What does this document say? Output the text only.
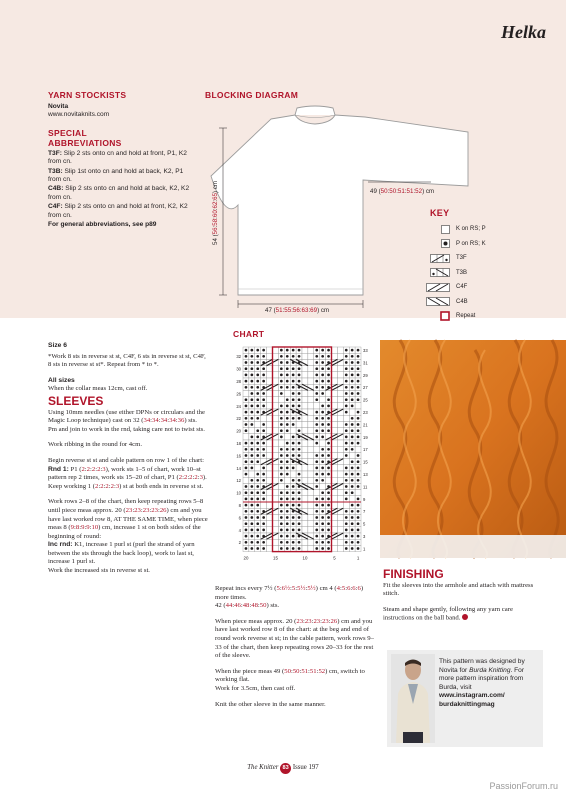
Helka
YARN STOCKISTS
Novita
www.novitaknits.com
SPECIAL
ABBREVIATIONS

T3F: Slip 2 sts onto cn and hold at front, P1, K2 from cn.

T3B: Slip 1st onto cn and hold at back, K2, P1 from cn.

C4B: Slip 2 sts onto cn and hold at back, K2, K2 from cn.

C4F: Slip 2 sts onto cn and hold at front, K2, K2 from cn.

For general abbreviations, see p89

BLOCKING DIAGRAM
49 (50:50:51:51:52) cm
54 (56:58:60:62:65) cm
47 (51:55:56:63:69) cm
KEY
K on RS; P
P on RS; K
T3F
T3B
C4F
C4B
Repeat
CHART
33
32
31
30
29
28
27
26
25
24
23
22
21
20
19
18
17
16
15
14
13
12
11
10
9
8
7
6
5
4
3
2
1
20	15	10	5	1

Size 6

*Work 8 sts in reverse st st, C4F, 6 sts in reverse st st, C4F, 8 sts in reverse st st*. Repeat from * to *.

All sizes

When the collar meas 12cm, cast off.

SLEEVES

Using 10mm needles (use either DPNs or circulars and the Magic Loop technique) cast on 32 (34:34:34:34:36) sts.

Pm and join to work in the rnd, taking care not to twist sts.

Work ribbing in the round for 4cm.

Begin reverse st st and cable pattern on row 1 of the chart:

Rnd 1: P1 (2:2:2:2:3), work sts 1–5 of chart, work 10–st pattern rep 2 times, work sts 15–20 of chart, P1 (2:2:2:2:3).

Keep working 1 (2:2:2:2:3) st at both ends in reverse st st.

Work rows 2–8 of the chart, then keep repeating rows 5–8 until piece meas approx. 20 (23:23:23:23:26) cm and you have last worked row 8, AT THE SAME TIME, when piece meas 8 (9:8:9:9:10) cm, increase 1 st on both sides of the beginning of round:

Inc rnd: K1, increase 1 purl st (purl the strand of yarn between the sts through the back loop), work to last st, increase 1 purl st.

Work the increased sts in reverse st st.

Repeat incs every 7½ (5:6½:5:5½:5½) cm 4 (4:5:6:6:6) more times.

42 (44:46:48:48:50) sts.

When piece meas approx. 20 (23:23:23:23:26) cm and you have last worked row 8 of the chart: at the beg and end of round work reverse st st; in the cable pattern, work rows 9–33 of the chart, then keep repeating rows 20–33 for the rest of the sleeve.

When the piece meas 49 (50:50:51:51:52) cm, switch to working flat.

Work for 3.5cm, then cast off.

Knit the other sleeve in the same manner.

FINISHING

Fit the sleeves into the armhole and attach with mattress stitch.

Steam and shape gently, following any yarn care instructions on the ball band.

This pattern was designed by Novita for Burda Knitting. For more pattern inspiration from Burda, visit
www.instagram.com/
burdaknittingmag
The Knitter 83 Issue 197
PassionForum.ru
